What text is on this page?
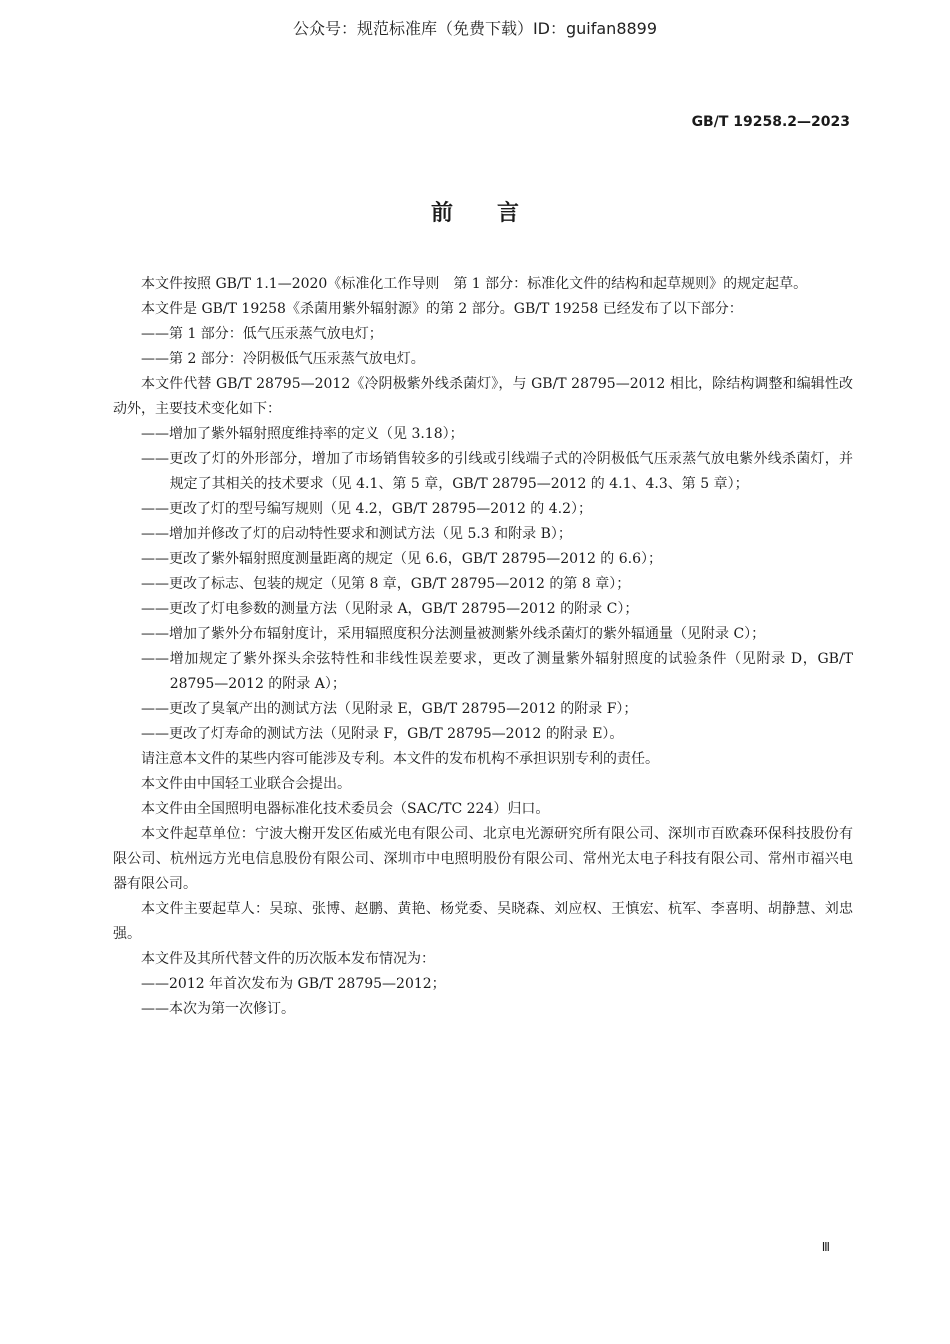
公众号：规范标准库（免费下载）ID：guifan8899
GB/T 19258.2—2023
前言

本文件按照 GB/T 1.1—2020《标准化工作导则　第 1 部分：标准化文件的结构和起草规则》的规定起草。

本文件是 GB/T 19258《杀菌用紫外辐射源》的第 2 部分。GB/T 19258 已经发布了以下部分：

——第 1 部分：低气压汞蒸气放电灯；

——第 2 部分：冷阴极低气压汞蒸气放电灯。

本文件代替 GB/T 28795—2012《冷阴极紫外线杀菌灯》，与 GB/T 28795—2012 相比，除结构调整和编辑性改动外，主要技术变化如下：

——增加了紫外辐射照度维持率的定义（见 3.18）；

——更改了灯的外形部分，增加了市场销售较多的引线或引线端子式的冷阴极低气压汞蒸气放电紫外线杀菌灯，并规定了其相关的技术要求（见 4.1、第 5 章，GB/T 28795—2012 的 4.1、4.3、第 5 章）；

——更改了灯的型号编写规则（见 4.2，GB/T 28795—2012 的 4.2）；

——增加并修改了灯的启动特性要求和测试方法（见 5.3 和附录 B）；

——更改了紫外辐射照度测量距离的规定（见 6.6，GB/T 28795—2012 的 6.6）；

——更改了标志、包装的规定（见第 8 章，GB/T 28795—2012 的第 8 章）；

——更改了灯电参数的测量方法（见附录 A，GB/T 28795—2012 的附录 C）；

——增加了紫外分布辐射度计，采用辐照度积分法测量被测紫外线杀菌灯的紫外辐通量（见附录 C）；

——增加规定了紫外探头余弦特性和非线性误差要求，更改了测量紫外辐射照度的试验条件（见附录 D，GB/T 28795—2012 的附录 A）；

——更改了臭氧产出的测试方法（见附录 E，GB/T 28795—2012 的附录 F）；

——更改了灯寿命的测试方法（见附录 F，GB/T 28795—2012 的附录 E）。

请注意本文件的某些内容可能涉及专利。本文件的发布机构不承担识别专利的责任。

本文件由中国轻工业联合会提出。

本文件由全国照明电器标准化技术委员会（SAC/TC 224）归口。

本文件起草单位：宁波大榭开发区佑威光电有限公司、北京电光源研究所有限公司、深圳市百欧森环保科技股份有限公司、杭州远方光电信息股份有限公司、深圳市中电照明股份有限公司、常州光太电子科技有限公司、常州市福兴电器有限公司。

本文件主要起草人：吴琼、张博、赵鹏、黄艳、杨党委、吴晓森、刘应权、王慎宏、杭军、李喜明、胡静慧、刘忠强。

本文件及其所代替文件的历次版本发布情况为：

——2012 年首次发布为 GB/T 28795—2012；

——本次为第一次修订。

Ⅲ
